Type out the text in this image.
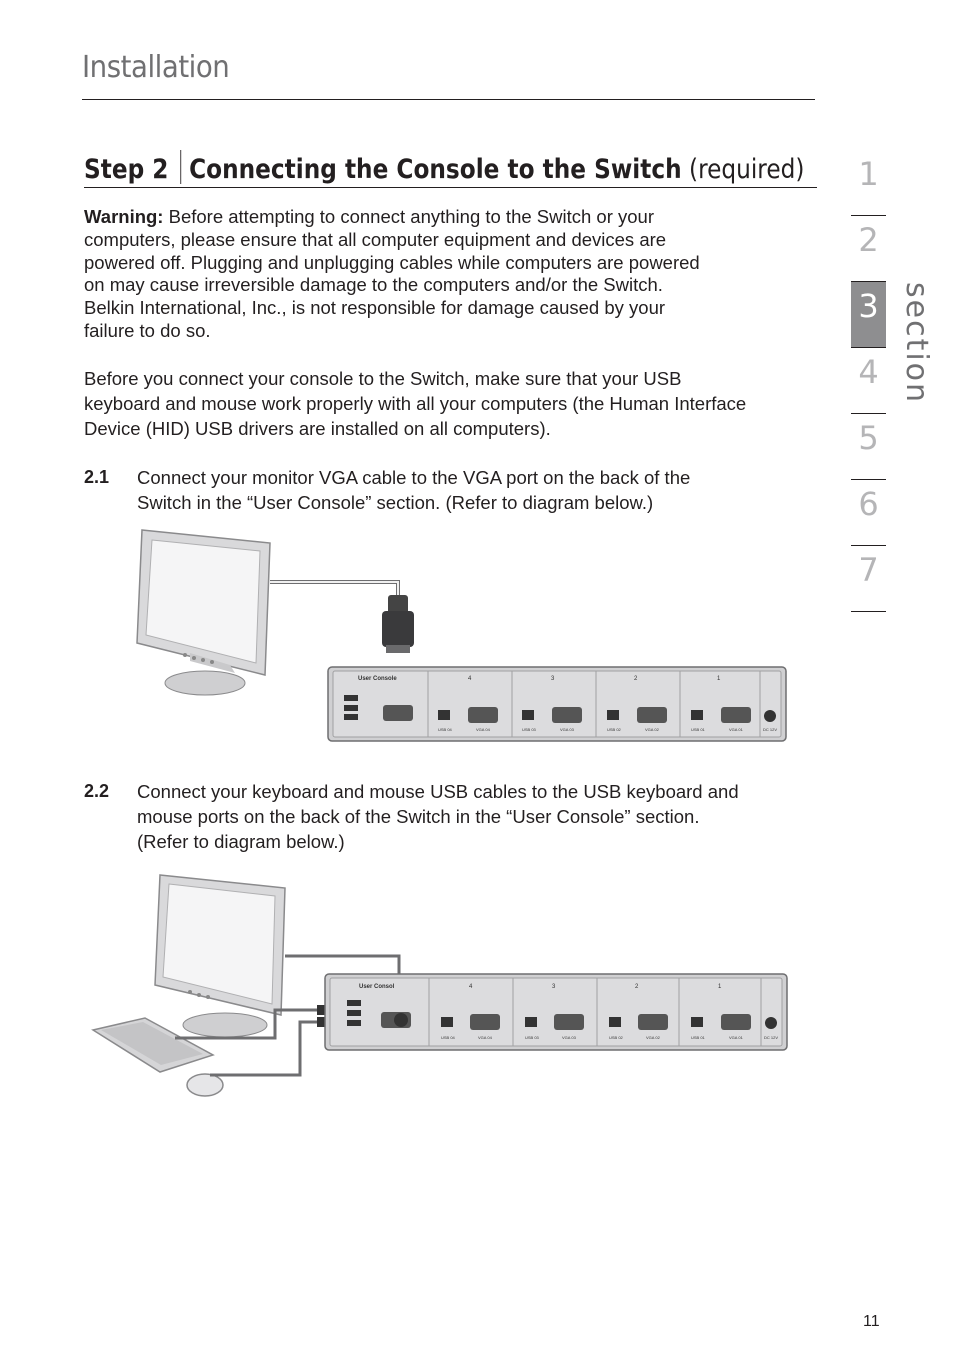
Installation
Step 2 Connecting the Console to the Switch (required)
Warning: Before attempting to connect anything to the Switch or your
computers, please ensure that all computer equipment and devices are
powered off. Plugging and unplugging cables while computers are powered
on may cause irreversible damage to the computers and/or the Switch.
Belkin International, Inc., is not responsible for damage caused by your
failure to do so.
Before you connect your console to the Switch, make sure that your USB
keyboard and mouse work properly with all your computers (the Human Interface
Device (HID) USB drivers are installed on all computers).
2.1 Connect your monitor VGA cable to the VGA port on the back of the
Switch in the “User Console” section. (Refer to diagram below.)
User Console	4	3	2	1
USB 04	VGA 04	USB 03	VGA 03	USB 02	VGA 02	USB 01	VGA 01	DC 12V
2.2 Connect your keyboard and mouse USB cables to the USB keyboard and
mouse ports on the back of the Switch in the “User Console” section.
(Refer to diagram below.)
User Consol	4	3	2	1
USB 04	VGA 04	USB 03	VGA 03	USB 02	VGA 02	USB 01	VGA 01	DC 12V
1
2
3
4
5
6
7
section
11
